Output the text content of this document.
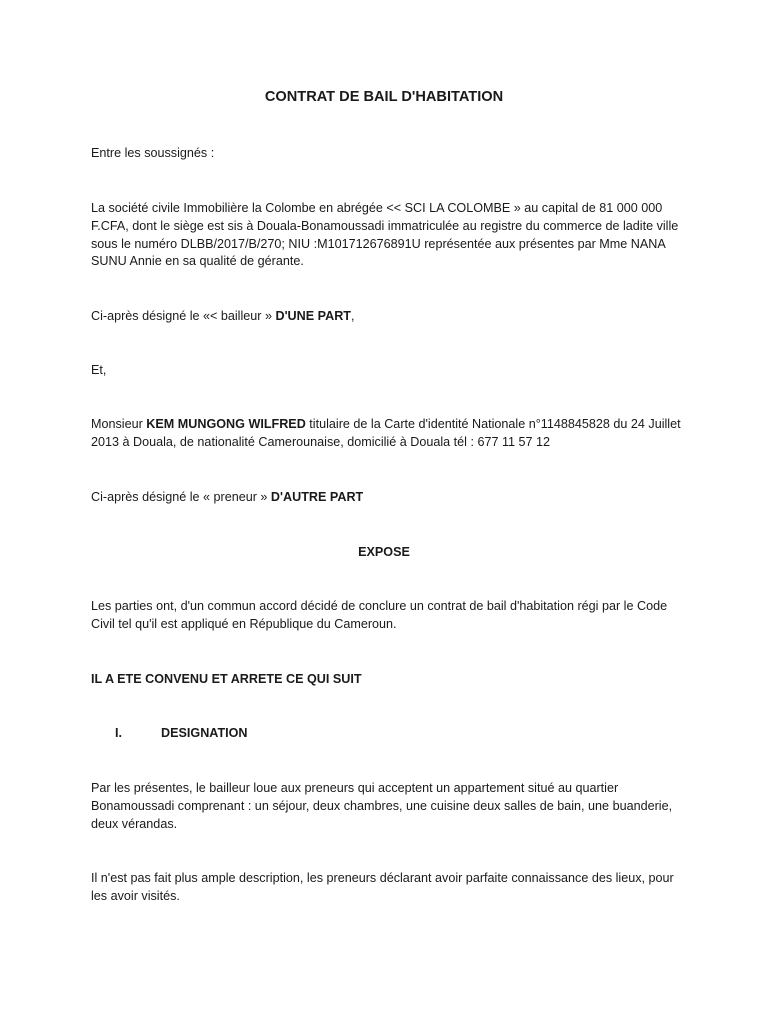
CONTRAT DE BAIL D'HABITATION

Entre les soussignés :

La société civile Immobilière la Colombe en abrégée << SCI LA COLOMBE » au capital de 81 000 000 F.CFA, dont le siège est sis à Douala-Bonamoussadi immatriculée au registre du commerce de ladite ville sous le numéro DLBB/2017/B/270; NIU :M101712676891U représentée aux présentes par Mme NANA SUNU Annie en sa qualité de gérante.

Ci-après désigné le «< bailleur » D'UNE PART,

Et,

Monsieur KEM MUNGONG WILFRED titulaire de la Carte d'identité Nationale n°1148845828 du 24 Juillet 2013 à Douala, de nationalité Camerounaise, domicilié à Douala tél : 677 11 57 12

Ci-après désigné le « preneur » D'AUTRE PART

EXPOSE

Les parties ont, d'un commun accord décidé de conclure un contrat de bail d'habitation régi par le Code Civil tel qu'il est appliqué en République du Cameroun.

IL A ETE CONVENU ET ARRETE CE QUI SUIT

I.	DESIGNATION

Par les présentes, le bailleur loue aux preneurs qui acceptent un appartement situé au quartier Bonamoussadi comprenant : un séjour, deux chambres, une cuisine deux salles de bain, une buanderie, deux vérandas.

Il n'est pas fait plus ample description, les preneurs déclarant avoir parfaite connaissance des lieux, pour les avoir visités.
